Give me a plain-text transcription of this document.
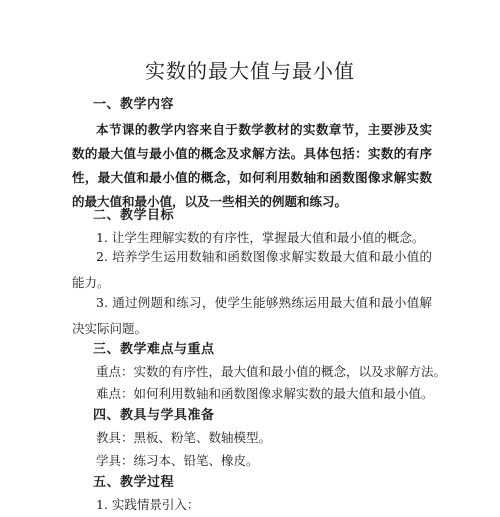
实数的最大值与最小值
一、教学内容
本节课的教学内容来自于数学教材的实数章节，主要涉及实数的最大值与最小值的概念及求解方法。具体包括：实数的有序性，最大值和最小值的概念，如何利用数轴和函数图像求解实数的最大值和最小值，以及一些相关的例题和练习。
二、教学目标
1. 让学生理解实数的有序性，掌握最大值和最小值的概念。
2. 培养学生运用数轴和函数图像求解实数最大值和最小值的能力。
3. 通过例题和练习，使学生能够熟练运用最大值和最小值解决实际问题。
三、教学难点与重点
重点：实数的有序性，最大值和最小值的概念，以及求解方法。
难点：如何利用数轴和函数图像求解实数的最大值和最小值。
四、教具与学具准备
教具：黑板、粉笔、数轴模型。
学具：练习本、铅笔、橡皮。
五、教学过程
1. 实践情景引入：
